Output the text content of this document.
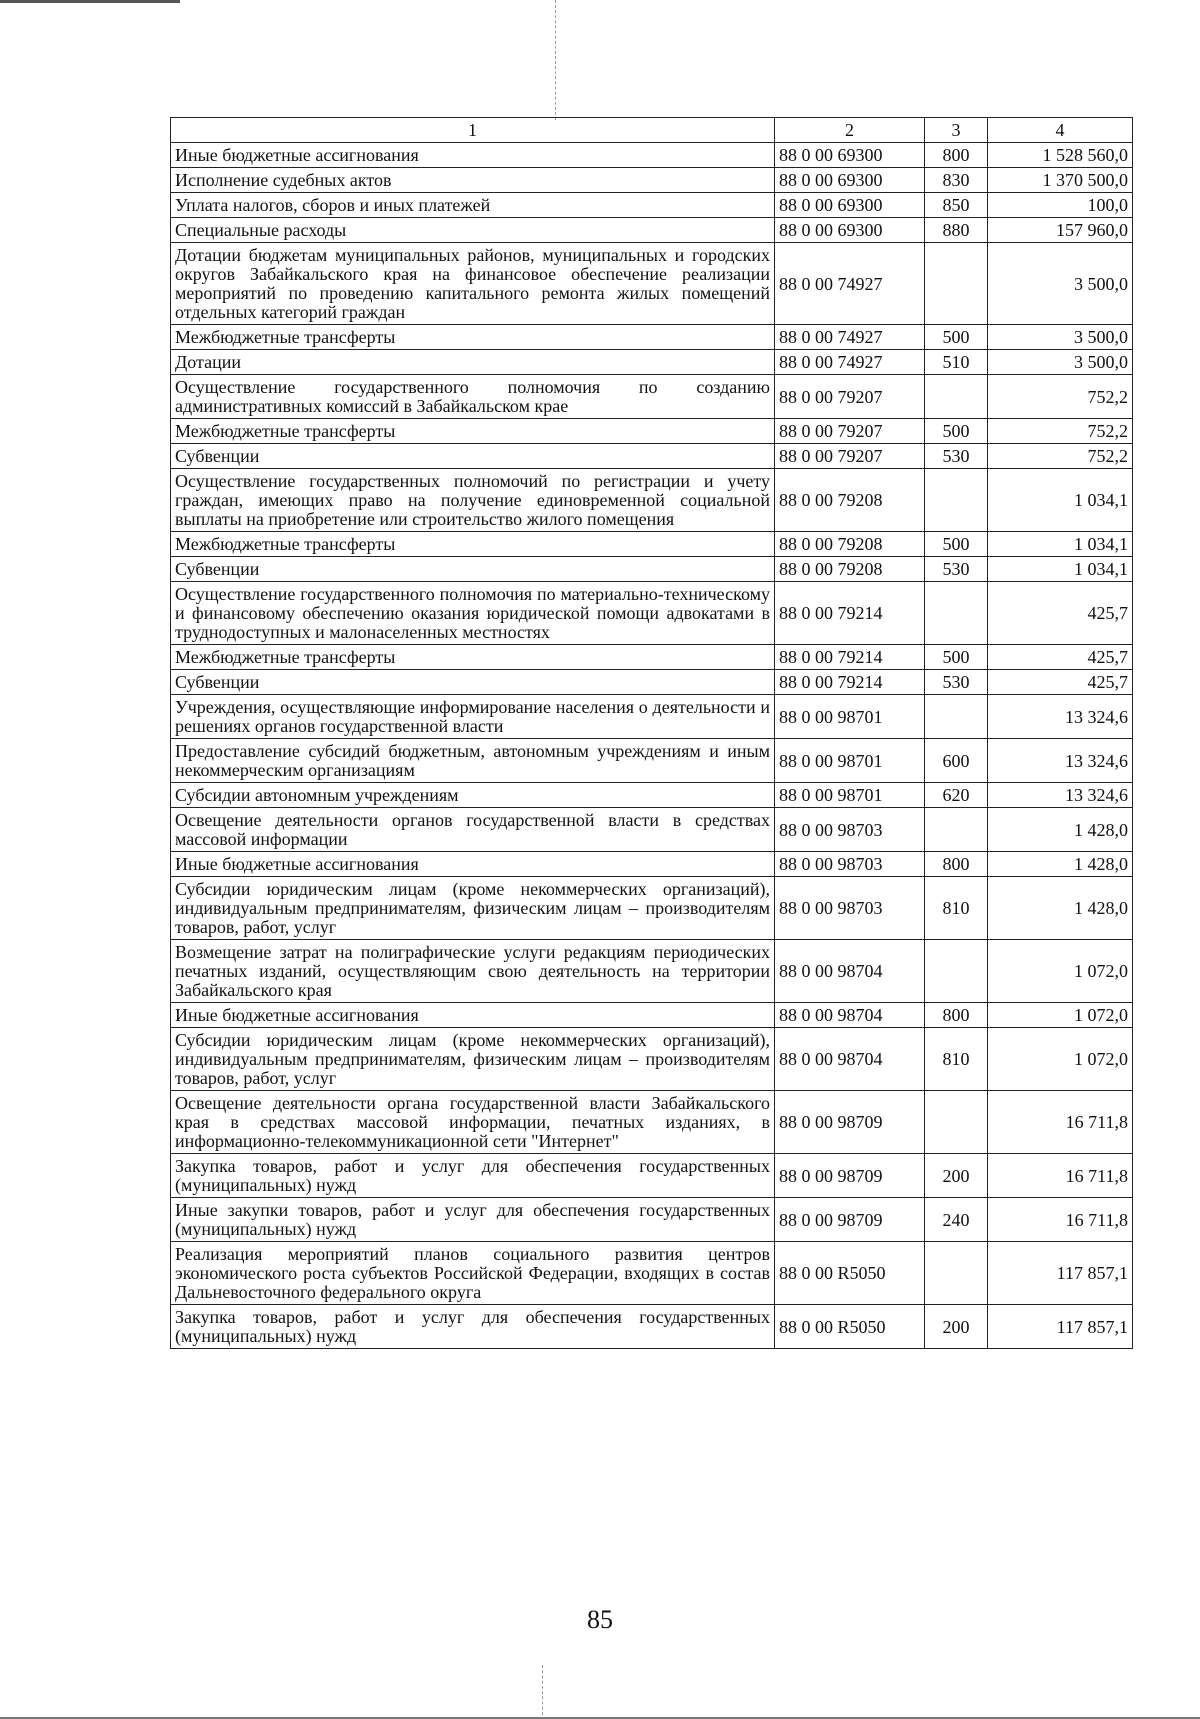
1	2	3	4
Иные бюджетные ассигнования	88 0 00 69300	800	1 528 560,0
Исполнение судебных актов	88 0 00 69300	830	1 370 500,0
Уплата налогов, сборов и иных платежей	88 0 00 69300	850	100,0
Специальные расходы	88 0 00 69300	880	157 960,0
Дотации бюджетам муниципальных районов, муниципальных и городских округов Забайкальского края на финансовое обеспечение реализации мероприятий по проведению капитального ремонта жилых помещений отдельных категорий граждан	88 0 00 74927		3 500,0
Межбюджетные трансферты	88 0 00 74927	500	3 500,0
Дотации	88 0 00 74927	510	3 500,0
Осуществление государственного полномочия по созданию административных комиссий в Забайкальском крае	88 0 00 79207		752,2
Межбюджетные трансферты	88 0 00 79207	500	752,2
Субвенции	88 0 00 79207	530	752,2
Осуществление государственных полномочий по регистрации и учету граждан, имеющих право на получение единовременной социальной выплаты на приобретение или строительство жилого помещения	88 0 00 79208		1 034,1
Межбюджетные трансферты	88 0 00 79208	500	1 034,1
Субвенции	88 0 00 79208	530	1 034,1
Осуществление государственного полномочия по материально-техническому и финансовому обеспечению оказания юридической помощи адвокатами в труднодоступных и малонаселенных местностях	88 0 00 79214		425,7
Межбюджетные трансферты	88 0 00 79214	500	425,7
Субвенции	88 0 00 79214	530	425,7
Учреждения, осуществляющие информирование населения о деятельности и решениях органов государственной власти	88 0 00 98701		13 324,6
Предоставление субсидий бюджетным, автономным учреждениям и иным некоммерческим организациям	88 0 00 98701	600	13 324,6
Субсидии автономным учреждениям	88 0 00 98701	620	13 324,6
Освещение деятельности органов государственной власти в средствах массовой информации	88 0 00 98703		1 428,0
Иные бюджетные ассигнования	88 0 00 98703	800	1 428,0
Субсидии юридическим лицам (кроме некоммерческих организаций), индивидуальным предпринимателям, физическим лицам – производителям товаров, работ, услуг	88 0 00 98703	810	1 428,0
Возмещение затрат на полиграфические услуги редакциям периодических печатных изданий, осуществляющим свою деятельность на территории Забайкальского края	88 0 00 98704		1 072,0
Иные бюджетные ассигнования	88 0 00 98704	800	1 072,0
Субсидии юридическим лицам (кроме некоммерческих организаций), индивидуальным предпринимателям, физическим лицам – производителям товаров, работ, услуг	88 0 00 98704	810	1 072,0
Освещение деятельности органа государственной власти Забайкальского края в средствах массовой информации, печатных изданиях, в информационно-телекоммуникационной сети "Интернет"	88 0 00 98709		16 711,8
Закупка товаров, работ и услуг для обеспечения государственных (муниципальных) нужд	88 0 00 98709	200	16 711,8
Иные закупки товаров, работ и услуг для обеспечения государственных (муниципальных) нужд	88 0 00 98709	240	16 711,8
Реализация мероприятий планов социального развития центров экономического роста субъектов Российской Федерации, входящих в состав Дальневосточного федерального округа	88 0 00 R5050		117 857,1
Закупка товаров, работ и услуг для обеспечения государственных (муниципальных) нужд	88 0 00 R5050	200	117 857,1
85
